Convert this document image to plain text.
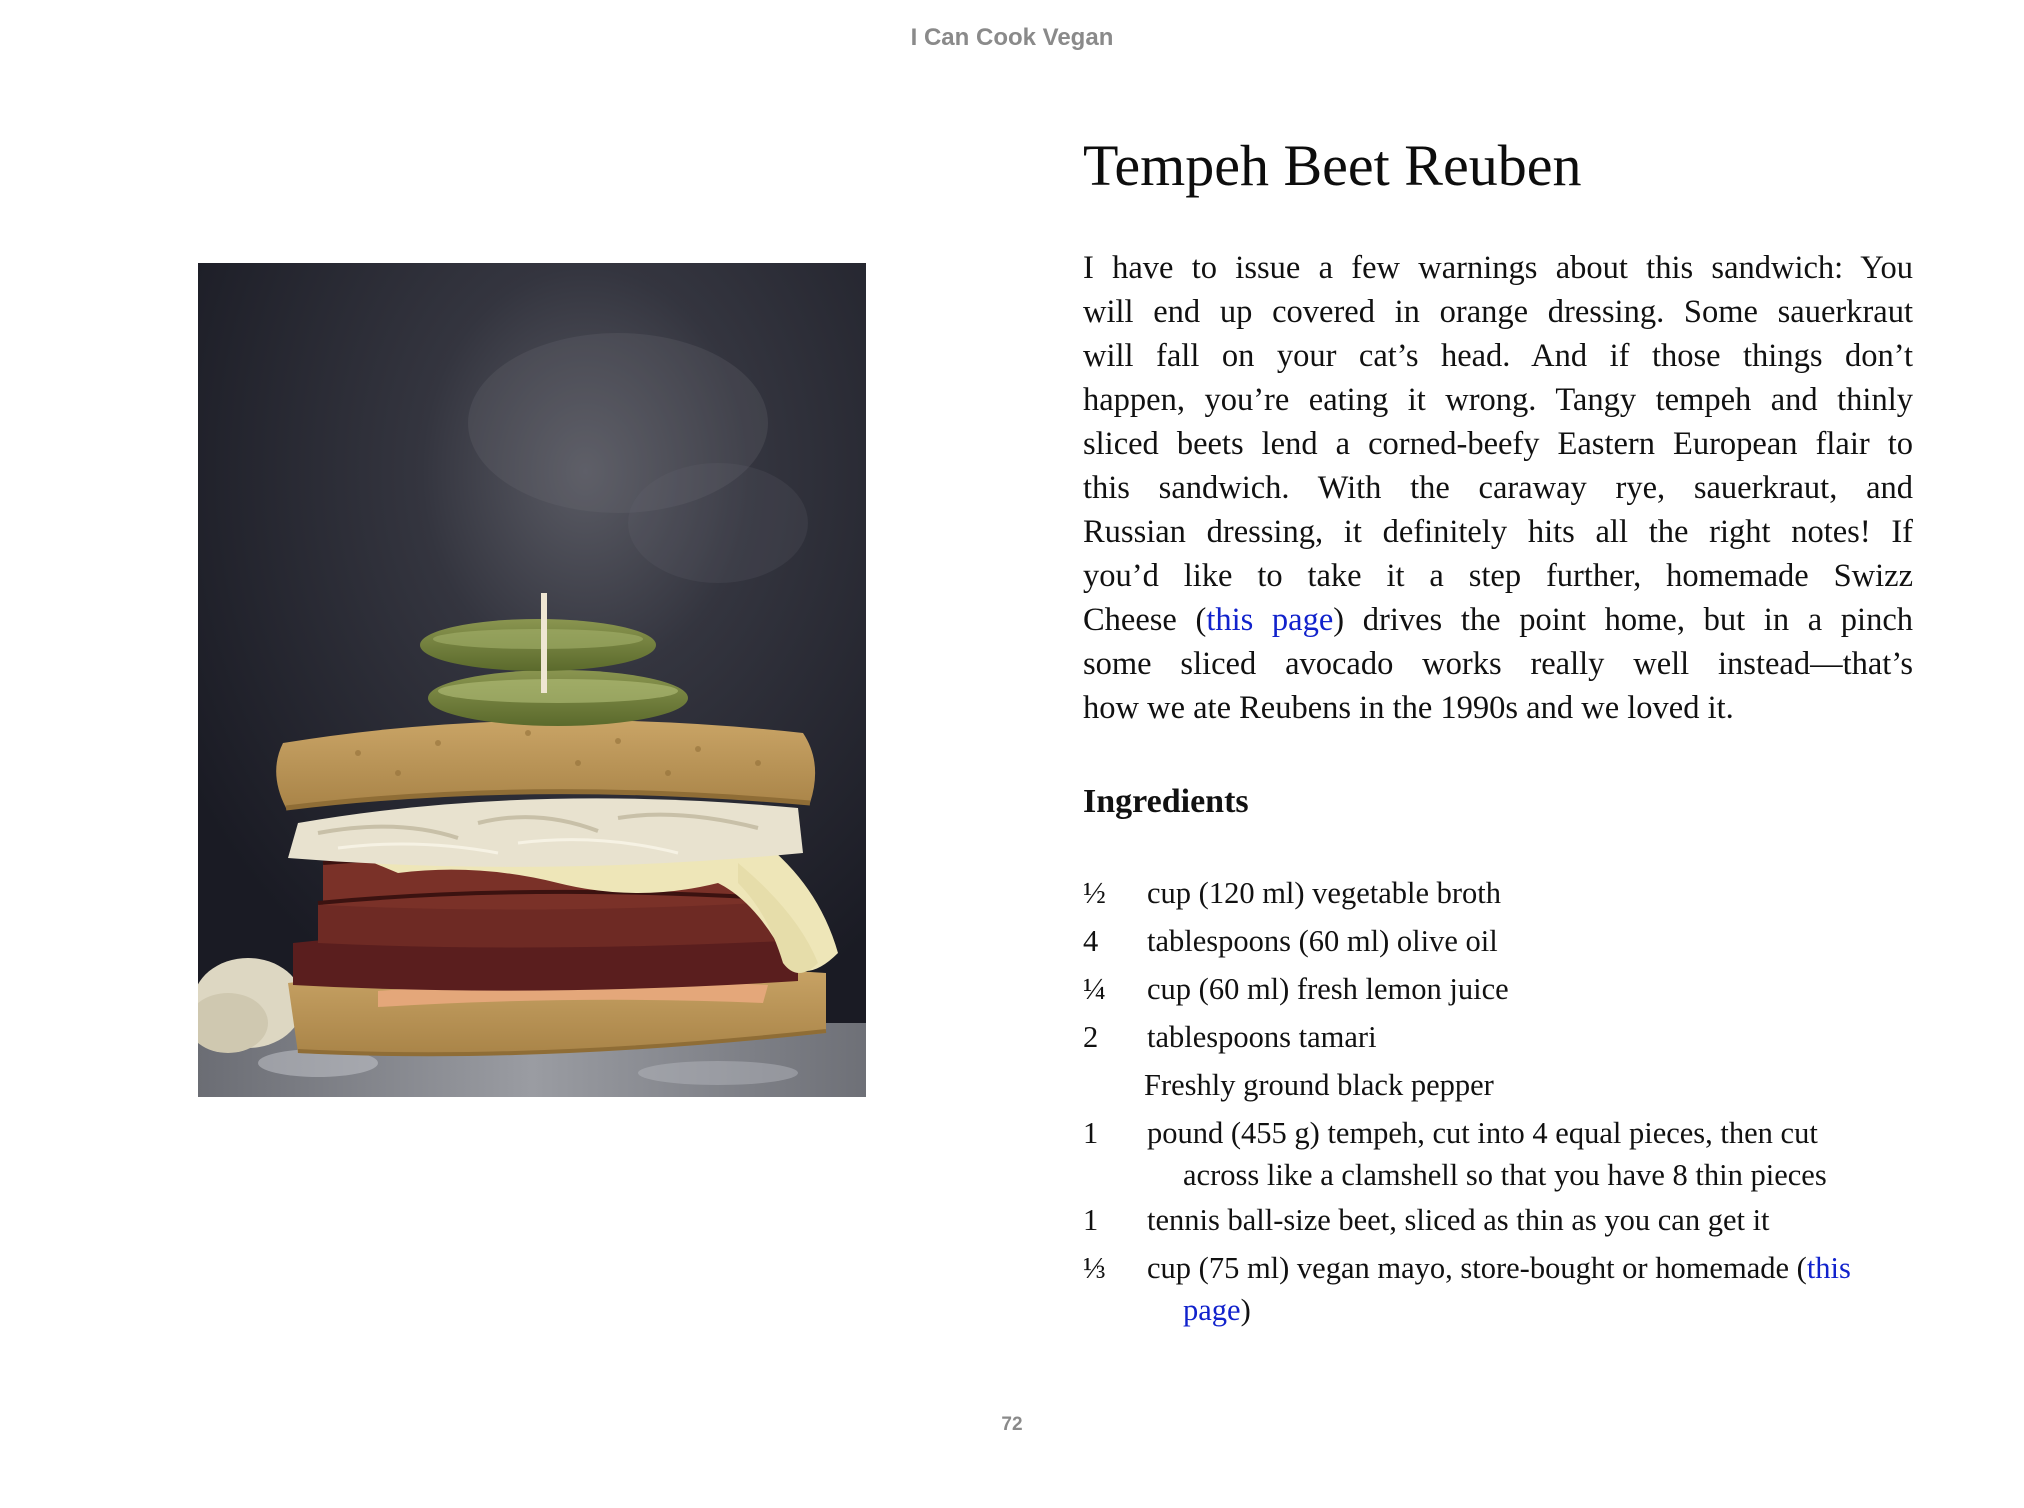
I Can Cook Vegan
Tempeh Beet Reuben
I have to issue a few warnings about this sandwich: You
will end up covered in orange dressing. Some sauerkraut
will fall on your cat’s head. And if those things don’t
happen, you’re eating it wrong. Tangy tempeh and thinly
sliced beets lend a corned-beefy Eastern European flair to
this sandwich. With the caraway rye, sauerkraut, and
Russian dressing, it definitely hits all the right notes! If
you’d like to take it a step further, homemade Swizz
Cheese (this page) drives the point home, but in a pinch
some sliced avocado works really well instead—that’s
how we ate Reubens in the 1990s and we loved it.
Ingredients
½	cup (120 ml) vegetable broth
4	tablespoons (60 ml) olive oil
¼	cup (60 ml) fresh lemon juice
2	tablespoons tamari
Freshly ground black pepper
1	pound (455 g) tempeh, cut into 4 equal pieces, then cut
across like a clamshell so that you have 8 thin pieces
1	tennis ball-size beet, sliced as thin as you can get it
⅓	cup (75 ml) vegan mayo, store-bought or homemade (this
page)
72
